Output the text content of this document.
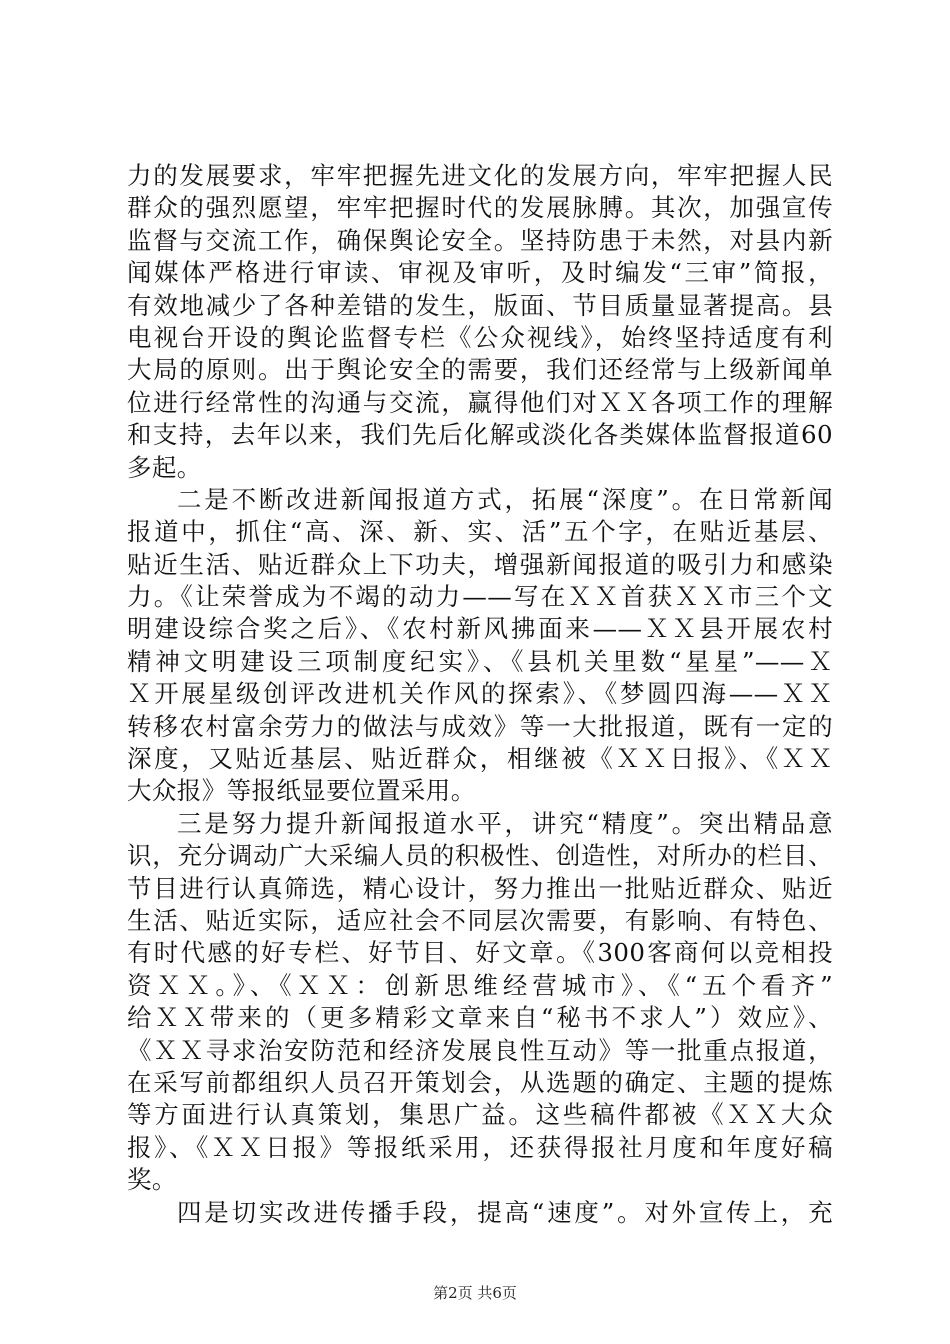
力的发展要求，牢牢把握先进文化的发展方向，牢牢把握人民
群众的强烈愿望，牢牢把握时代的发展脉膊。其次，加强宣传
监督与交流工作，确保舆论安全。坚持防患于未然，对县内新
闻媒体严格进行审读、审视及审听，及时编发“三审”简报，
有效地减少了各种差错的发生，版面、节目质量显著提高。县
电视台开设的舆论监督专栏《公众视线》，始终坚持适度有利
大局的原则。出于舆论安全的需要，我们还经常与上级新闻单
位进行经常性的沟通与交流，赢得他们对ＸＸ各项工作的理解
和支持，去年以来，我们先后化解或淡化各类媒体监督报道60
多起。
二是不断改进新闻报道方式，拓展“深度”。在日常新闻
报道中，抓住“高、深、新、实、活”五个字，在贴近基层、
贴近生活、贴近群众上下功夫，增强新闻报道的吸引力和感染
力。《让荣誉成为不竭的动力——写在ＸＸ首获ＸＸ市三个文
明建设综合奖之后》、《农村新风拂面来——ＸＸ县开展农村
精神文明建设三项制度纪实》、《县机关里数“星星”——Ｘ
Ｘ开展星级创评改进机关作风的探索》、《梦圆四海——ＸＸ
转移农村富余劳力的做法与成效》等一大批报道，既有一定的
深度，又贴近基层、贴近群众，相继被《ＸＸ日报》、《ＸＸ
大众报》等报纸显要位置采用。
三是努力提升新闻报道水平，讲究“精度”。突出精品意
识，充分调动广大采编人员的积极性、创造性，对所办的栏目、
节目进行认真筛选，精心设计，努力推出一批贴近群众、贴近
生活、贴近实际，适应社会不同层次需要，有影响、有特色、
有时代感的好专栏、好节目、好文章。《300客商何以竞相投
资ＸＸ。》、《ＸＸ：创新思维经营城市》、《“五个看齐”
给ＸＸ带来的（更多精彩文章来自“秘书不求人”）效应》、
《ＸＸ寻求治安防范和经济发展良性互动》等一批重点报道，
在采写前都组织人员召开策划会，从选题的确定、主题的提炼
等方面进行认真策划，集思广益。这些稿件都被《ＸＸ大众
报》、《ＸＸ日报》等报纸采用，还获得报社月度和年度好稿
奖。
四是切实改进传播手段，提高“速度”。对外宣传上，充
第2页 共6页
